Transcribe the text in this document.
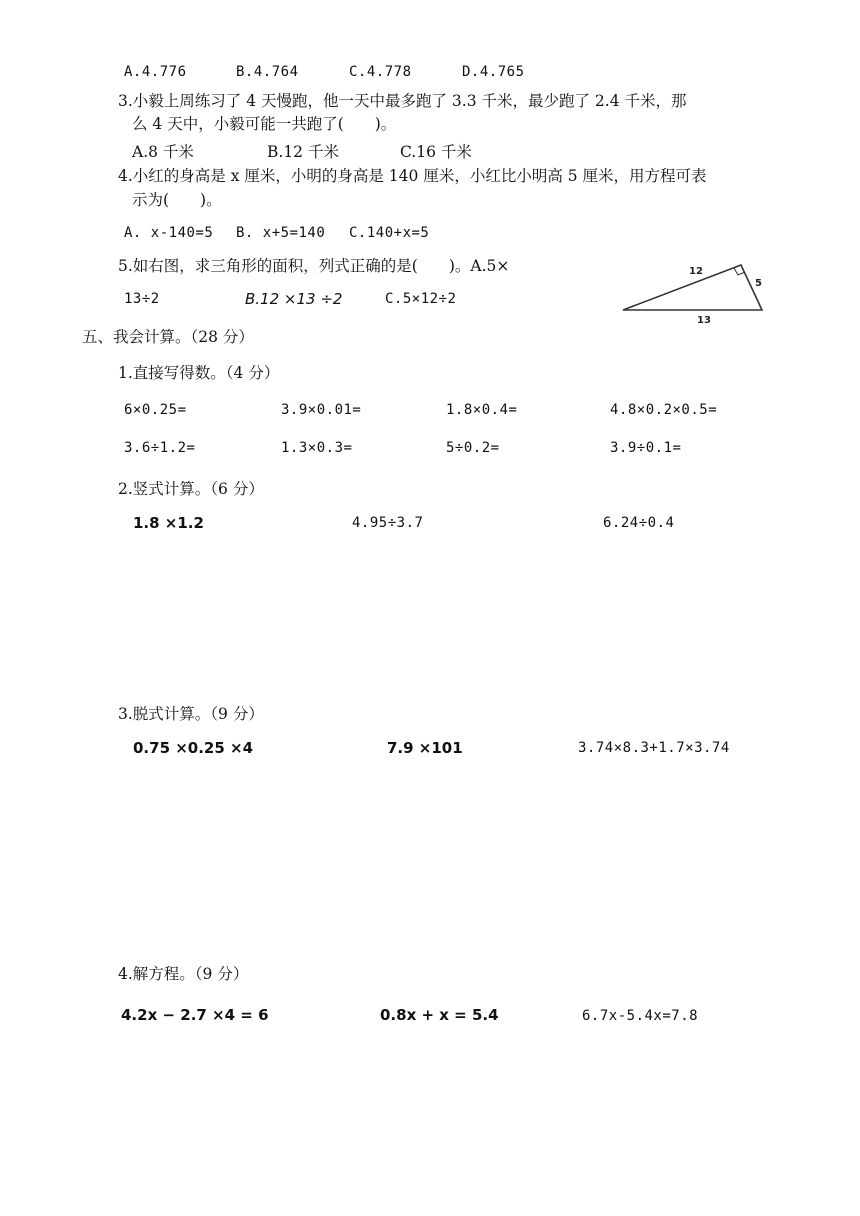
A.4.776	B.4.764	C.4.778	D.4.765
3.小毅上周练习了 4 天慢跑，他一天中最多跑了 3.3 千米，最少跑了 2.4 千米，那
么 4 天中，小毅可能一共跑了(　　)。
A.8 千米	B.12 千米	C.16 千米
4.小红的身高是 x 厘米，小明的身高是 140 厘米，小红比小明高 5 厘米，用方程可表
示为(　　)。
A. x-140=5 B. x+5=140 C.140+x=5
5.如右图，求三角形的面积，列式正确的是(　　)。A.5×
13÷2	B.12 ×13 ÷2	C.5×12÷2
12
5
13
五、我会计算。（28 分）
1.直接写得数。（4 分）
6×0.25=	3.9×0.01=	1.8×0.4=	4.8×0.2×0.5=
3.6÷1.2=	1.3×0.3=	5÷0.2=	3.9÷0.1=
2.竖式计算。（6 分）
1.8 ×1.2	4.95÷3.7	6.24÷0.4
3.脱式计算。（9 分）
0.75 ×0.25 ×4	7.9 ×101	3.74×8.3+1.7×3.74
4.解方程。（9 分）
4.2x − 2.7 ×4 = 6	0.8x + x = 5.4	6.7x-5.4x=7.8
